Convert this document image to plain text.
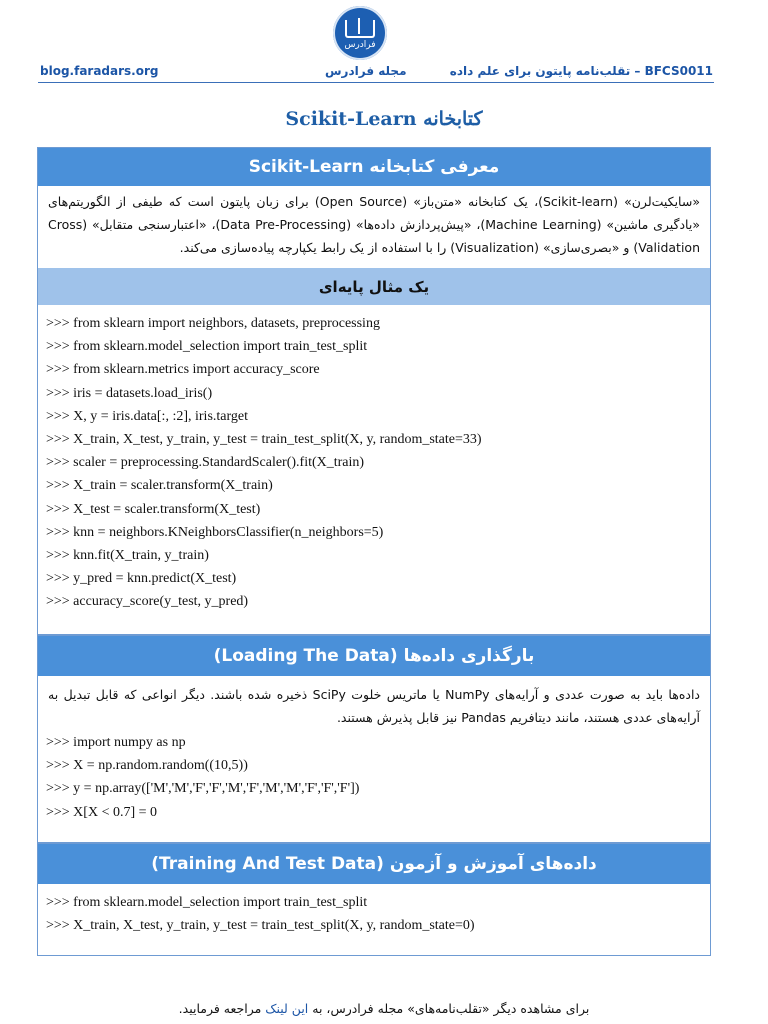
فرادرس
blog.faradars.org	مجله فرادرس	BFCS0011 – تقلب‌نامه پایتون برای علم داده
کتابخانه Scikit-Learn
معرفی کتابخانه Scikit-Learn
«سایکیت‌لرن» (Scikit-learn)، یک کتابخانه «متن‌باز» (Open Source) برای زبان پایتون است که طیفی از الگوریتم‌های «یادگیری ماشین» (Machine Learning)، «پیش‌پردازش داده‌ها» (Data Pre-Processing)، «اعتبارسنجی متقابل» (Cross Validation) و «بصری‌سازی» (Visualization) را با استفاده از یک رابط یکپارچه پیاده‌سازی می‌کند.
یک مثال پایه‌ای
>>> from sklearn import neighbors, datasets, preprocessing
>>> from sklearn.model_selection import train_test_split
>>> from sklearn.metrics import accuracy_score
>>> iris = datasets.load_iris()
>>> X, y = iris.data[:, :2], iris.target
>>> X_train, X_test, y_train, y_test = train_test_split(X, y, random_state=33)
>>> scaler = preprocessing.StandardScaler().fit(X_train)
>>> X_train = scaler.transform(X_train)
>>> X_test = scaler.transform(X_test)
>>> knn = neighbors.KNeighborsClassifier(n_neighbors=5)
>>> knn.fit(X_train, y_train)
>>> y_pred = knn.predict(X_test)
>>> accuracy_score(y_test, y_pred)
بارگذاری داده‌ها (Loading The Data)
داده‌ها باید به صورت عددی و آرایه‌های NumPy یا ماتریس خلوت SciPy ذخیره شده باشند. دیگر انواعی که قابل تبدیل به آرایه‌های عددی هستند، مانند دیتافریم Pandas نیز قابل پذیرش هستند.
>>> import numpy as np
>>> X = np.random.random((10,5))
>>> y = np.array(['M','M','F','F','M','F','M','M','F','F','F'])
>>> X[X < 0.7] = 0
داده‌های آموزش و آزمون (Training And Test Data)
>>> from sklearn.model_selection import train_test_split
>>> X_train, X_test, y_train, y_test = train_test_split(X, y, random_state=0)
برای مشاهده دیگر «تقلب‌نامه‌های» مجله فرادرس، به این لینک مراجعه فرمایید.
